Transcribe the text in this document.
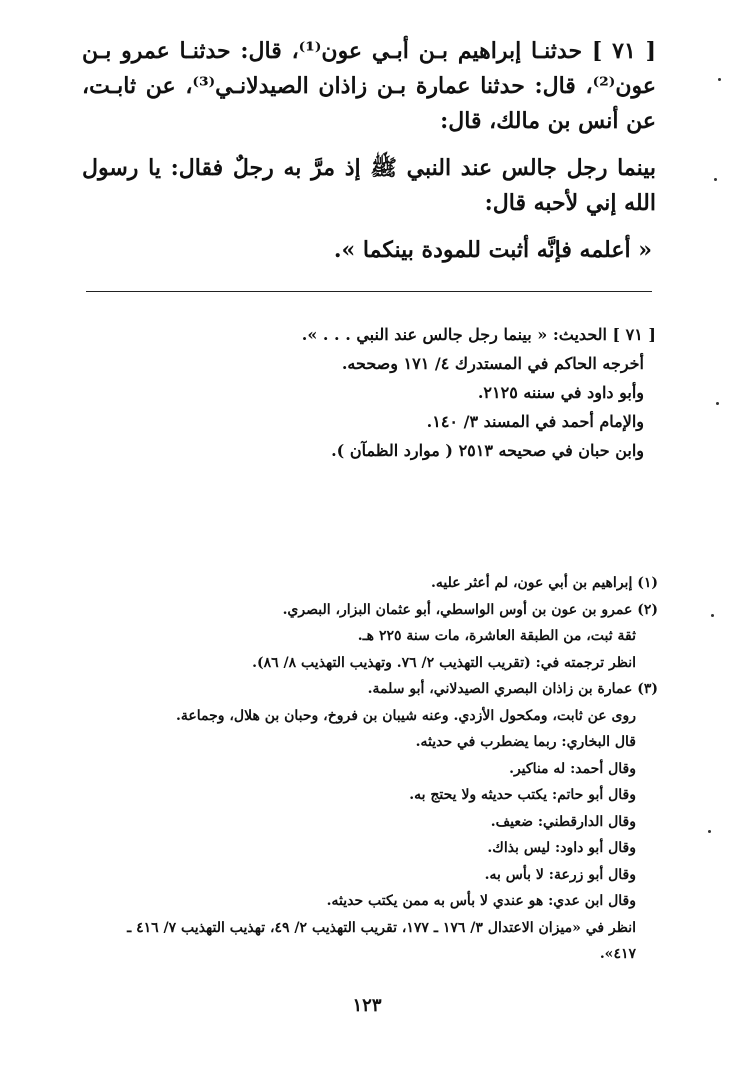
[ ٧١ ] حدثنـا إبراهيم بـن أبـي عون⁽¹⁾، قال: حدثنـا عمرو بـن عون⁽²⁾، قال: حدثنا عمارة بـن زاذان الصيدلانـي⁽³⁾، عن ثابـت، عن أنس بن مالك، قال:

بينما رجل جالس عند النبي ﷺ إذ مرَّ به رجلٌ فقال: يا رسول الله إني لأحبه قال:

« أعلمه فإنَّه أثبت للمودة بينكما ».

[ ٧١ ] الحديث: « بينما رجل جالس عند النبي . . . ».

أخرجه الحاكم في المستدرك ٤/ ١٧١ وصححه.

وأبو داود في سننه ٢١٢٥.

والإمام أحمد في المسند ٣/ ١٤٠.

وابن حبان في صحيحه ٢٥١٣ ( موارد الظمآن ).

(١) إبراهيم بن أبي عون، لم أعثر عليه.

(٢) عمرو بن عون بن أوس الواسطي، أبو عثمان البزار، البصري.

ثقة ثبت، من الطبقة العاشرة، مات سنة ٢٢٥ هـ.

انظر ترجمته في: (تقريب التهذيب ٢/ ٧٦. وتهذيب التهذيب ٨/ ٨٦).

(٣) عمارة بن زاذان البصري الصيدلاني، أبو سلمة.

روى عن ثابت، ومكحول الأزدي. وعنه شيبان بن فروخ، وحبان بن هلال، وجماعة.

قال البخاري: ربما يضطرب في حديثه.

وقال أحمد: له مناكير.

وقال أبو حاتم: يكتب حديثه ولا يحتج به.

وقال الدارقطني: ضعيف.

وقال أبو داود: ليس بذاك.

وقال أبو زرعة: لا بأس به.

وقال ابن عدي: هو عندي لا بأس به ممن يكتب حديثه.

انظر في «ميزان الاعتدال ٣/ ١٧٦ ـ ١٧٧، تقريب التهذيب ٢/ ٤٩، تهذيب التهذيب ٧/ ٤١٦ ـ ٤١٧».

١٢٣
